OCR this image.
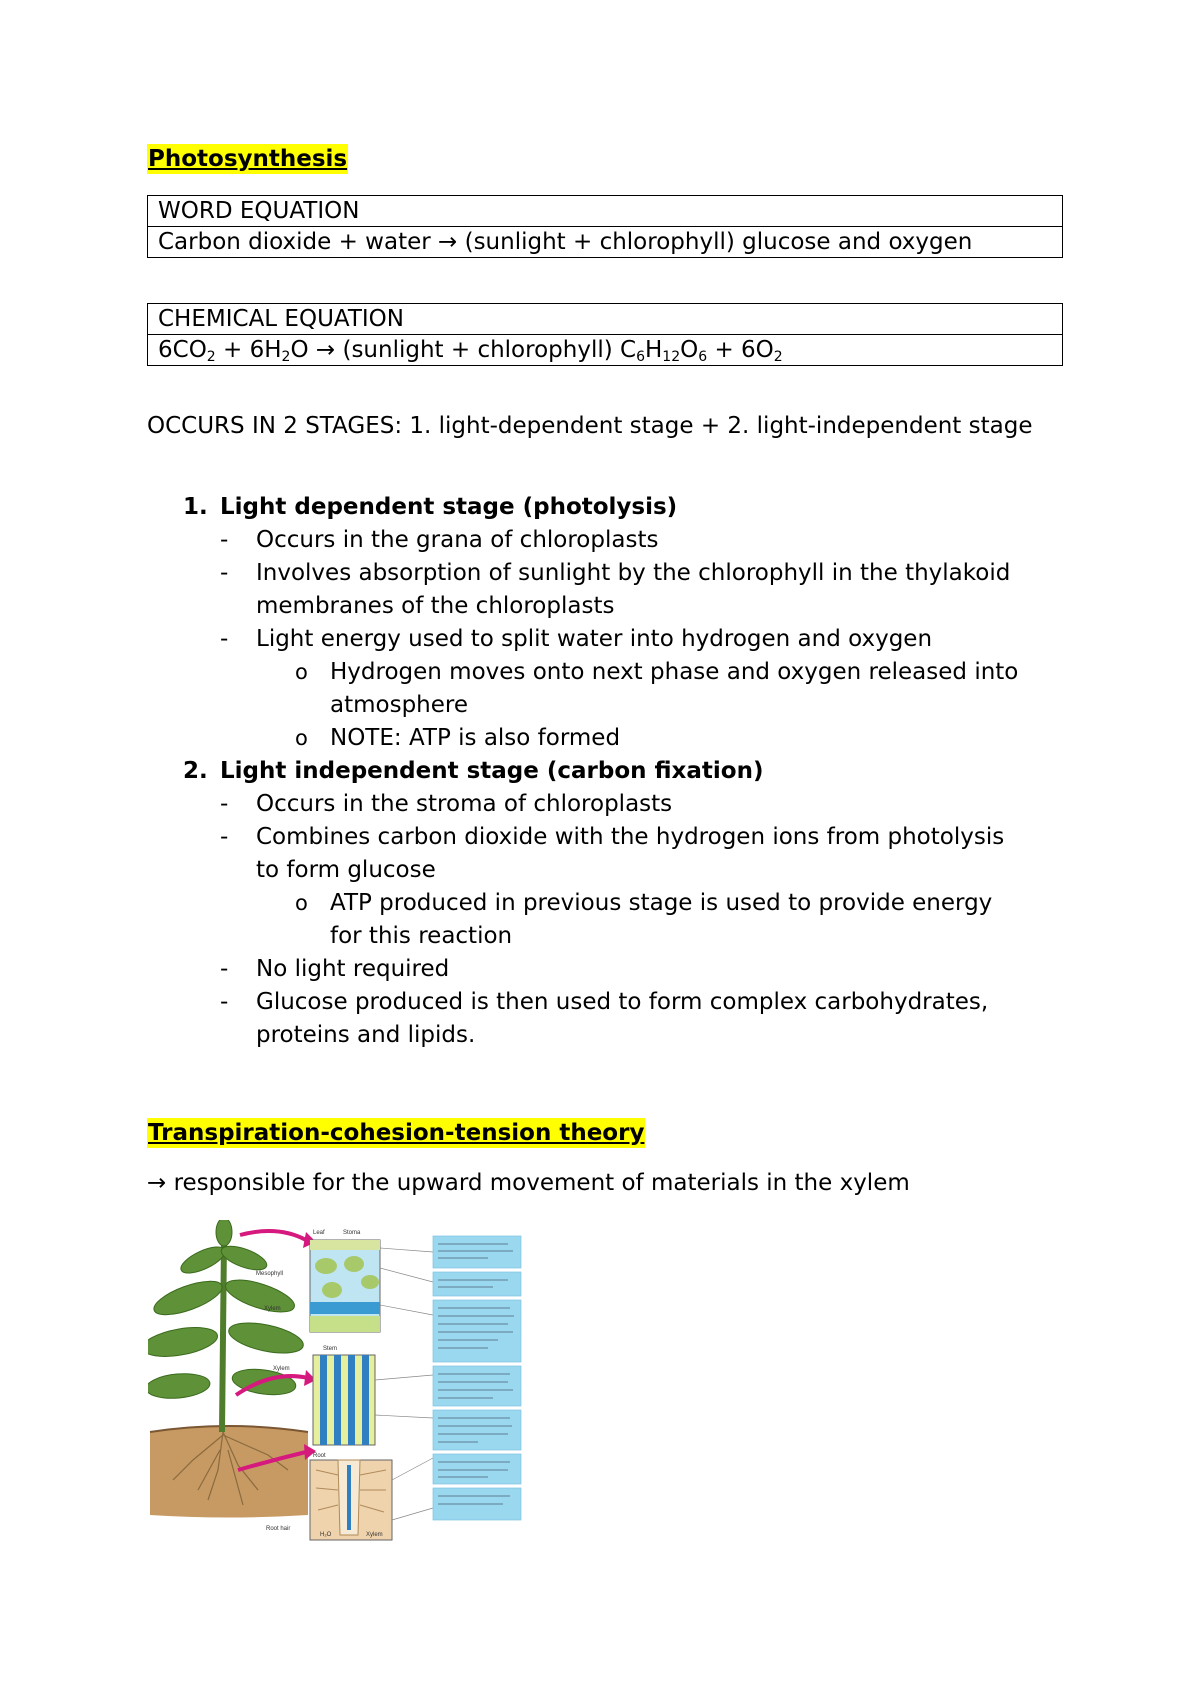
Photosynthesis
WORD EQUATION
Carbon dioxide + water → (sunlight + chlorophyll) glucose and oxygen
CHEMICAL EQUATION
$6CO_2 + 6H_2O$ → (sunlight + chlorophyll) $C_6H_{12}O_6 + 6O_2$
OCCURS IN 2 STAGES: 1. light-dependent stage + 2. light-independent stage
1. Light dependent stage (photolysis)
- Occurs in the grana of chloroplasts
- Involves absorption of sunlight by the chlorophyll in the thylakoid
membranes of the chloroplasts
- Light energy used to split water into hydrogen and oxygen
o Hydrogen moves onto next phase and oxygen released into
atmosphere
o NOTE: ATP is also formed
2. Light independent stage (carbon fixation)
- Occurs in the stroma of chloroplasts
- Combines carbon dioxide with the hydrogen ions from photolysis
to form glucose
o ATP produced in previous stage is used to provide energy
for this reaction
- No light required
- Glucose produced is then used to form complex carbohydrates,
proteins and lipids.
Transpiration-cohesion-tension theory
→ responsible for the upward movement of materials in the xylem
Leaf	Stoma
Mesophyll
Xylem
Stem
Xylem
Root
Root hair
H₂O	Xylem
